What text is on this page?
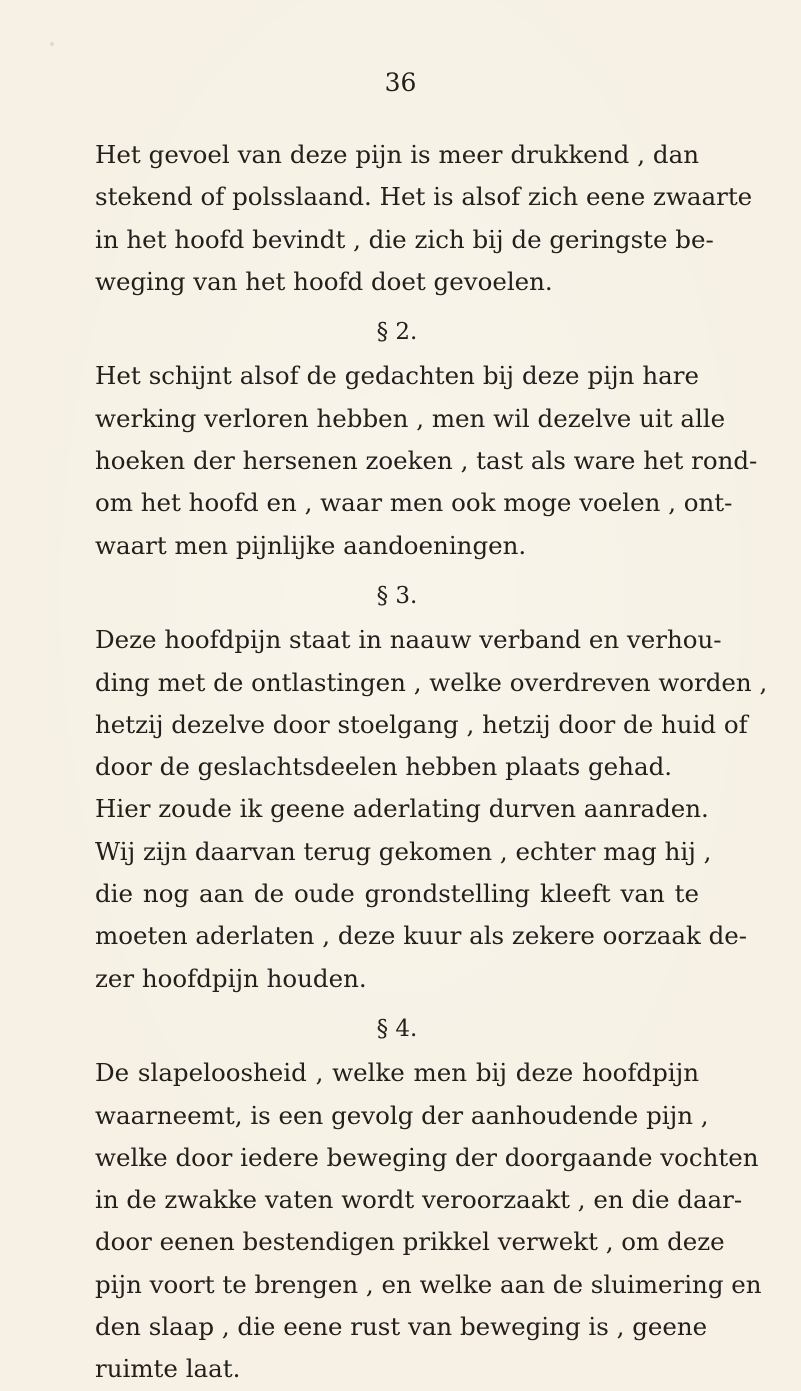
36
Het gevoel van deze pijn is meer drukkend , dan
stekend of polsslaand. Het is alsof zich eene zwaarte
in het hoofd bevindt , die zich bij de geringste be-
weging van het hoofd doet gevoelen.
§ 2.
Het schijnt alsof de gedachten bij deze pijn hare
werking verloren hebben , men wil dezelve uit alle
hoeken der hersenen zoeken , tast als ware het rond-
om het hoofd en , waar men ook moge voelen , ont-
waart men pijnlijke aandoeningen.
§ 3.
Deze hoofdpijn staat in naauw verband en verhou-
ding met de ontlastingen , welke overdreven worden ,
hetzij dezelve door stoelgang , hetzij door de huid of
door de geslachtsdeelen hebben plaats gehad.
Hier zoude ik geene aderlating durven aanraden.
Wij zijn daarvan terug gekomen , echter mag hij ,
die nog aan de oude grondstelling kleeft van te
moeten aderlaten , deze kuur als zekere oorzaak de-
zer hoofdpijn houden.
§ 4.
De slapeloosheid , welke men bij deze hoofdpijn
waarneemt, is een gevolg der aanhoudende pijn ,
welke door iedere beweging der doorgaande vochten
in de zwakke vaten wordt veroorzaakt , en die daar-
door eenen bestendigen prikkel verwekt , om deze
pijn voort te brengen , en welke aan de sluimering en
den slaap , die eene rust van beweging is , geene
ruimte laat.
